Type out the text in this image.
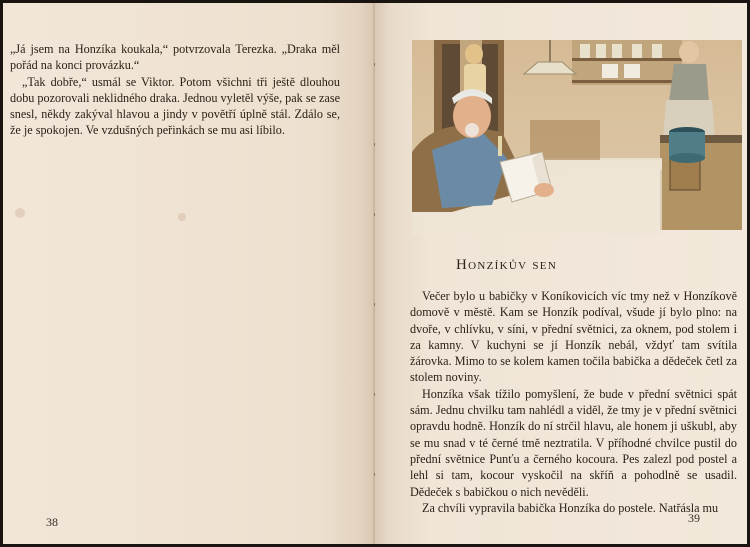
„Já jsem na Honzíka koukala,“ potvrzovala Terezka. „Draka měl pořád na konci provázku.“

„Tak dobře,“ usmál se Viktor. Potom všichni tři ještě dlouhou dobu pozorovali neklidného draka. Jednou vyletěl výše, pak se zase snesl, někdy zakýval hlavou a jindy v povětří úplně stál. Zdálo se, že je spokojen. Ve vzdušných peřinkách se mu asi líbilo.

38
Honzíkův sen

Večer bylo u babičky v Koníkovicích víc tmy než v Honzíkově domově v městě. Kam se Honzík podíval, všude jí bylo plno: na dvoře, v chlívku, v síni, v přední světnici, za oknem, pod stolem i za kamny. V kuchyni se jí Honzík nebál, vždyť tam svítila žárovka. Mimo to se kolem kamen točila babička a dědeček četl za stolem noviny.

Honzíka však tížilo pomyšlení, že bude v přední světnici spát sám. Jednu chvilku tam nahlédl a viděl, že tmy je v přední světnici opravdu hodně. Honzík do ní strčil hlavu, ale honem ji uškubl, aby se mu snad v té černé tmě neztratila. V příhodné chvilce pustil do přední světnice Punťu a černého kocoura. Pes zalezl pod postel a lehl si tam, kocour vyskočil na skříň a pohodlně se usadil. Dědeček s babičkou o nich nevěděli.

Za chvíli vypravila babička Honzíka do postele. Natřásla mu

39
